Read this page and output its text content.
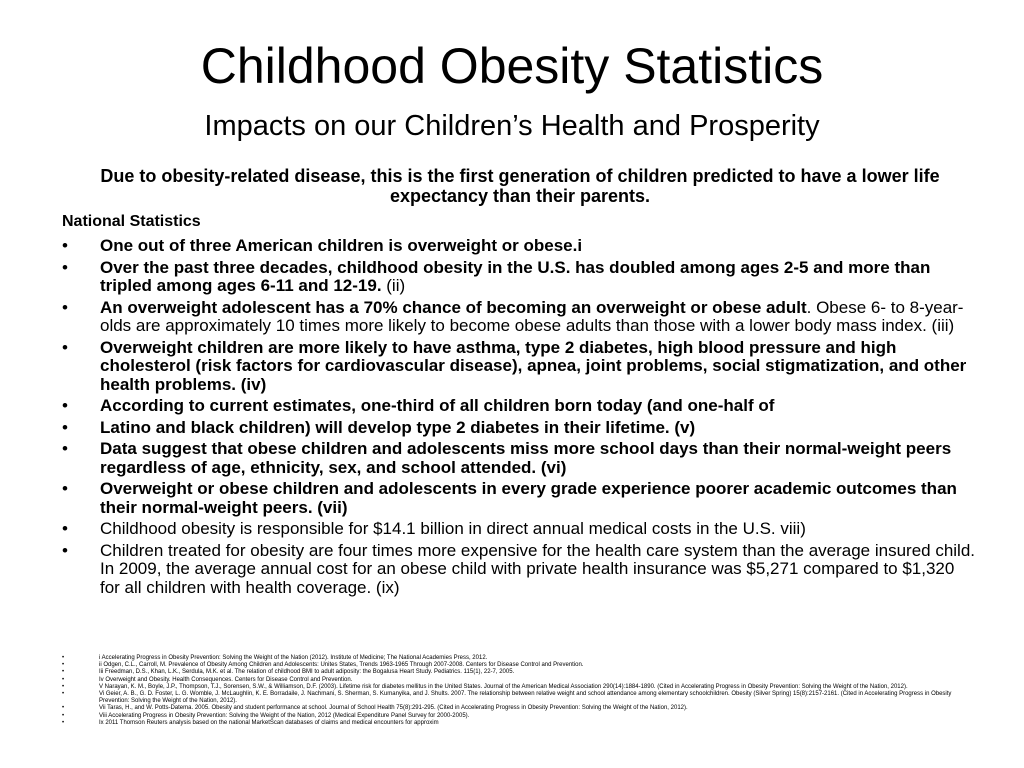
Childhood Obesity Statistics
Impacts on our Children’s Health and Prosperity
Due to obesity-related disease, this is the first generation of children predicted to have a lower life expectancy than their parents.
National Statistics
• One out of three American children is overweight or obese.i
• Over the past three decades, childhood obesity in the U.S. has doubled among ages 2-5 and more than tripled among ages 6-11 and 12-19. (ii)
• An overweight adolescent has a 70% chance of becoming an overweight or obese adult. Obese 6- to 8-year-olds are approximately 10 times more likely to become obese adults than those with a lower body mass index. (iii)
• Overweight children are more likely to have asthma, type 2 diabetes, high blood pressure and high cholesterol (risk factors for cardiovascular disease), apnea, joint problems, social stigmatization, and other health problems. (iv)
• According to current estimates, one-third of all children born today (and one-half of
• Latino and black children) will develop type 2 diabetes in their lifetime. (v)
• Data suggest that obese children and adolescents miss more school days than their normal-weight peers regardless of age, ethnicity, sex, and school attended. (vi)
• Overweight or obese children and adolescents in every grade experience poorer academic outcomes than their normal-weight peers. (vii)
• Childhood obesity is responsible for $14.1 billion in direct annual medical costs in the U.S. viii)
• Children treated for obesity are four times more expensive for the health care system than the average insured child. In 2009, the average annual cost for an obese child with private health insurance was $5,271 compared to $1,320 for all children with health coverage. (ix)
•	i Accelerating Progress in Obesity Prevention: Solving the Weight of the Nation (2012). Institute of Medicine; The National Academies Press, 2012.
•	ii Odgen, C.L., Carroll, M. Prevalence of Obesity Among Children and Adolescents: Unites States, Trends 1963-1965 Through 2007-2008. Centers for Disease Control and Prevention.
•	Iii Freedman, D.S., Khan, L.K., Serdula, M.K. et al. The relation of childhood BMI to adult adiposity: the Bogalusa Heart Study. Pediatrics. 115(1), 22-7, 2005.
•	Iv Overweight and Obesity. Health Consequences. Centers for Disease Control and Prevention.
•	V Narayan, K. M., Boyle, J.P., Thompson, T.J., Sorensen, S.W., & Williamson, D.F. (2003). Lifetime risk for diabetes mellitus in the United States. Journal of the American Medical Association 290(14):1884-1890. (Cited in Accelerating Progress in Obesity Prevention: Solving the Weight of the Nation, 2012).
•	Vi Geier, A. B., G. D. Foster, L. G. Womble, J. McLaughlin, K. E. Borradaile, J. Nachmani, S. Sherman, S. Kumanyika, and J. Shults. 2007. The relationship between relative weight and school attendance among elementary schoolchildren. Obesity (Silver Spring) 15(8):2157-2161. (Cited in Accelerating Progress in Obesity Prevention: Solving the Weight of the Nation, 2012).
•	Vii Taras, H., and W. Potts-Datema. 2005. Obesity and student performance at school. Journal of School Health 75(8):291-295. (Cited in Accelerating Progress in Obesity Prevention: Solving the Weight of the Nation, 2012).
•	Viii Accelerating Progress in Obesity Prevention: Solving the Weight of the Nation, 2012 (Medical Expenditure Panel Survey for 2000-2005).
•	Ix 2011 Thomson Reuters analysis based on the national MarketScan databases of claims and medical encounters for approxim
